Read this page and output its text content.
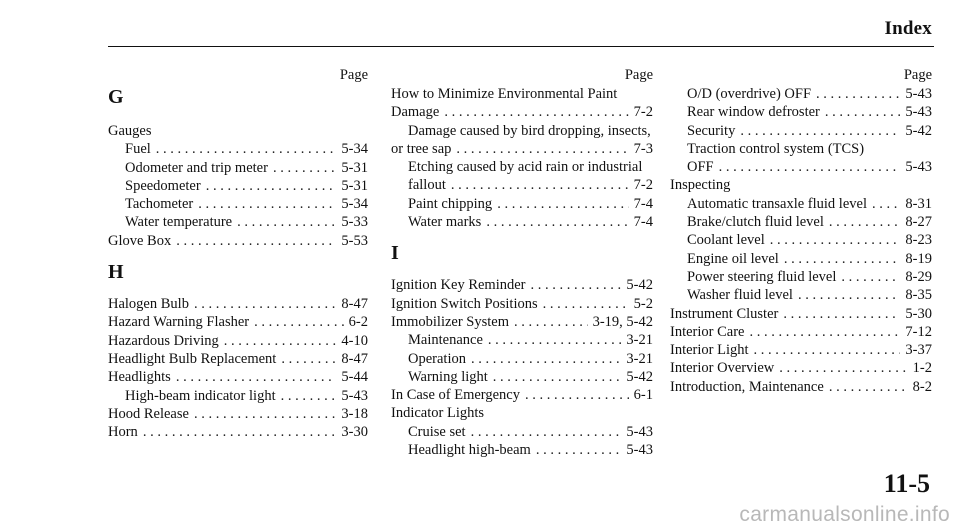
Index
Page
G
Gauges
Fuel . . .	5-34
Odometer and trip meter . . .	5-31
Speedometer . . .	5-31
Tachometer . . .	5-34
Water temperature . . .	5-33
Glove Box . . .	5-53
H
Halogen Bulb . . .	8-47
Hazard Warning Flasher . . .	6-2
Hazardous Driving . . .	4-10
Headlight Bulb Replacement . . .	8-47
Headlights . . .	5-44
High-beam indicator light . . .	5-43
Hood Release . . .	3-18
Horn . . .	3-30
Page
How to Minimize Environmental Paint
Damage . . .	7-2
Damage caused by bird dropping, insects,
or tree sap . . .	7-3
Etching caused by acid rain or industrial
fallout . . .	7-2
Paint chipping . . .	7-4
Water marks . . .	7-4
I
Ignition Key Reminder . . .	5-42
Ignition Switch Positions . . .	5-2
Immobilizer System . . .	3-19, 5-42
Maintenance . . .	3-21
Operation . . .	3-21
Warning light . . .	5-42
In Case of Emergency . . .	6-1
Indicator Lights
Cruise set . . .	5-43
Headlight high-beam . . .	5-43
Page
O/D (overdrive) OFF . . .	5-43
Rear window defroster . . .	5-43
Security . . .	5-42
Traction control system (TCS)
OFF . . .	5-43
Inspecting
Automatic transaxle fluid level . . .	8-31
Brake/clutch fluid level . . .	8-27
Coolant level . . .	8-23
Engine oil level . . .	8-19
Power steering fluid level . . .	8-29
Washer fluid level . . .	8-35
Instrument Cluster . . .	5-30
Interior Care . . .	7-12
Interior Light . . .	3-37
Interior Overview . . .	1-2
Introduction, Maintenance . . .	8-2
11-5
carmanualsonline.info
